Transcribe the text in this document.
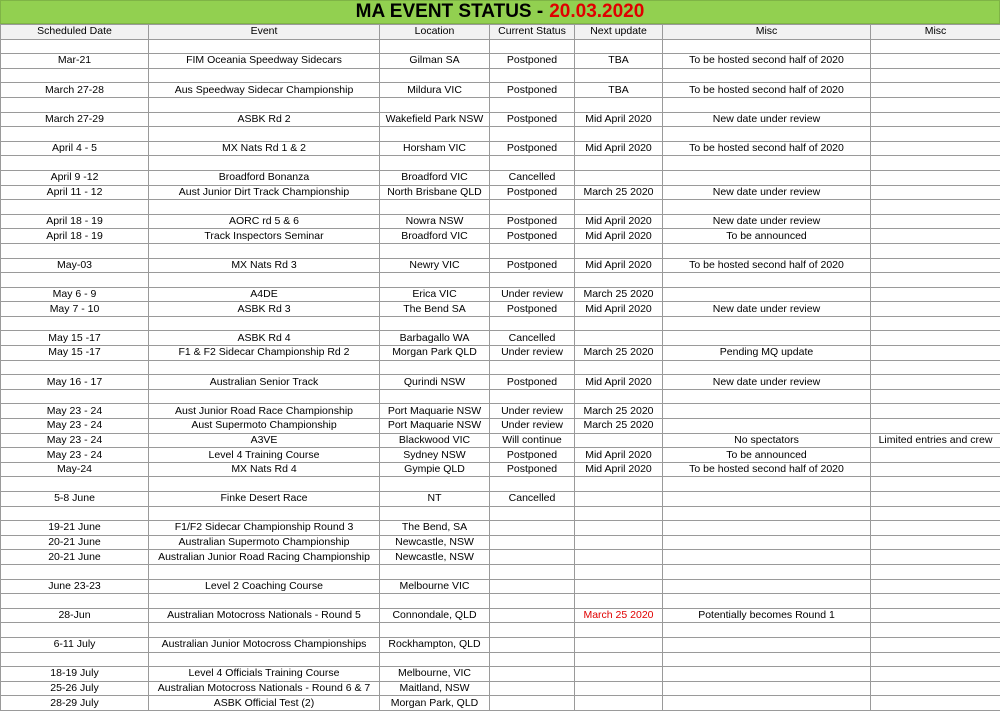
MA EVENT STATUS - 20.03.2020
Scheduled Date	Event	Location	Current Status	Next update	Misc	Misc

Mar-21	FIM Oceania Speedway Sidecars	Gilman SA	Postponed	TBA	To be hosted second half of 2020	

March 27-28	Aus Speedway Sidecar Championship	Mildura VIC	Postponed	TBA	To be hosted second half of 2020	

March 27-29	ASBK Rd 2	Wakefield Park NSW	Postponed	Mid April 2020	New date under review	

April 4 - 5	MX Nats Rd 1 & 2	Horsham VIC	Postponed	Mid April 2020	To be hosted second half of 2020	

April 9 -12	Broadford Bonanza	Broadford VIC	Cancelled			
April 11 - 12	Aust Junior Dirt Track Championship	North Brisbane QLD	Postponed	March 25 2020	New date under review	

April 18 - 19	AORC rd 5 & 6	Nowra NSW	Postponed	Mid April 2020	New date under review	
April 18 - 19	Track Inspectors Seminar	Broadford VIC	Postponed	Mid April 2020	To be announced	

May-03	MX Nats Rd 3	Newry VIC	Postponed	Mid April 2020	To be hosted second half of 2020	

May 6 - 9	A4DE	Erica VIC	Under review	March 25 2020		
May 7 - 10	ASBK Rd 3	The Bend SA	Postponed	Mid April 2020	New date under review	

May 15 -17	ASBK Rd 4	Barbagallo WA	Cancelled			
May 15 -17	F1 & F2 Sidecar Championship Rd 2	Morgan Park QLD	Under review	March 25 2020	Pending MQ update	

May 16 - 17	Australian Senior Track	Qurindi NSW	Postponed	Mid April 2020	New date under review	

May 23 - 24	Aust Junior Road Race Championship	Port Maquarie NSW	Under review	March 25 2020		
May 23 - 24	Aust Supermoto Championship	Port Maquarie NSW	Under review	March 25 2020		
May 23 - 24	A3VE	Blackwood VIC	Will continue		No spectators	Limited entries and crew
May 23 - 24	Level 4 Training Course	Sydney NSW	Postponed	Mid April 2020	To be announced	
May-24	MX Nats Rd 4	Gympie QLD	Postponed	Mid April 2020	To be hosted second half of 2020	

5-8 June	Finke Desert Race	NT	Cancelled			

19-21 June	F1/F2 Sidecar Championship Round 3	The Bend, SA				
20-21 June	Australian Supermoto Championship	Newcastle, NSW				
20-21 June	Australian Junior Road Racing Championship	Newcastle, NSW				

June 23-23	Level 2 Coaching Course	Melbourne VIC				

28-Jun	Australian Motocross Nationals - Round 5	Connondale, QLD		March 25 2020	Potentially becomes Round 1	

6-11 July	Australian Junior Motocross Championships	Rockhampton, QLD				

18-19 July	Level 4 Officials Training Course	Melbourne, VIC				
25-26 July	Australian Motocross Nationals - Round 6 & 7	Maitland, NSW				
28-29 July	ASBK Official Test (2)	Morgan Park, QLD				
